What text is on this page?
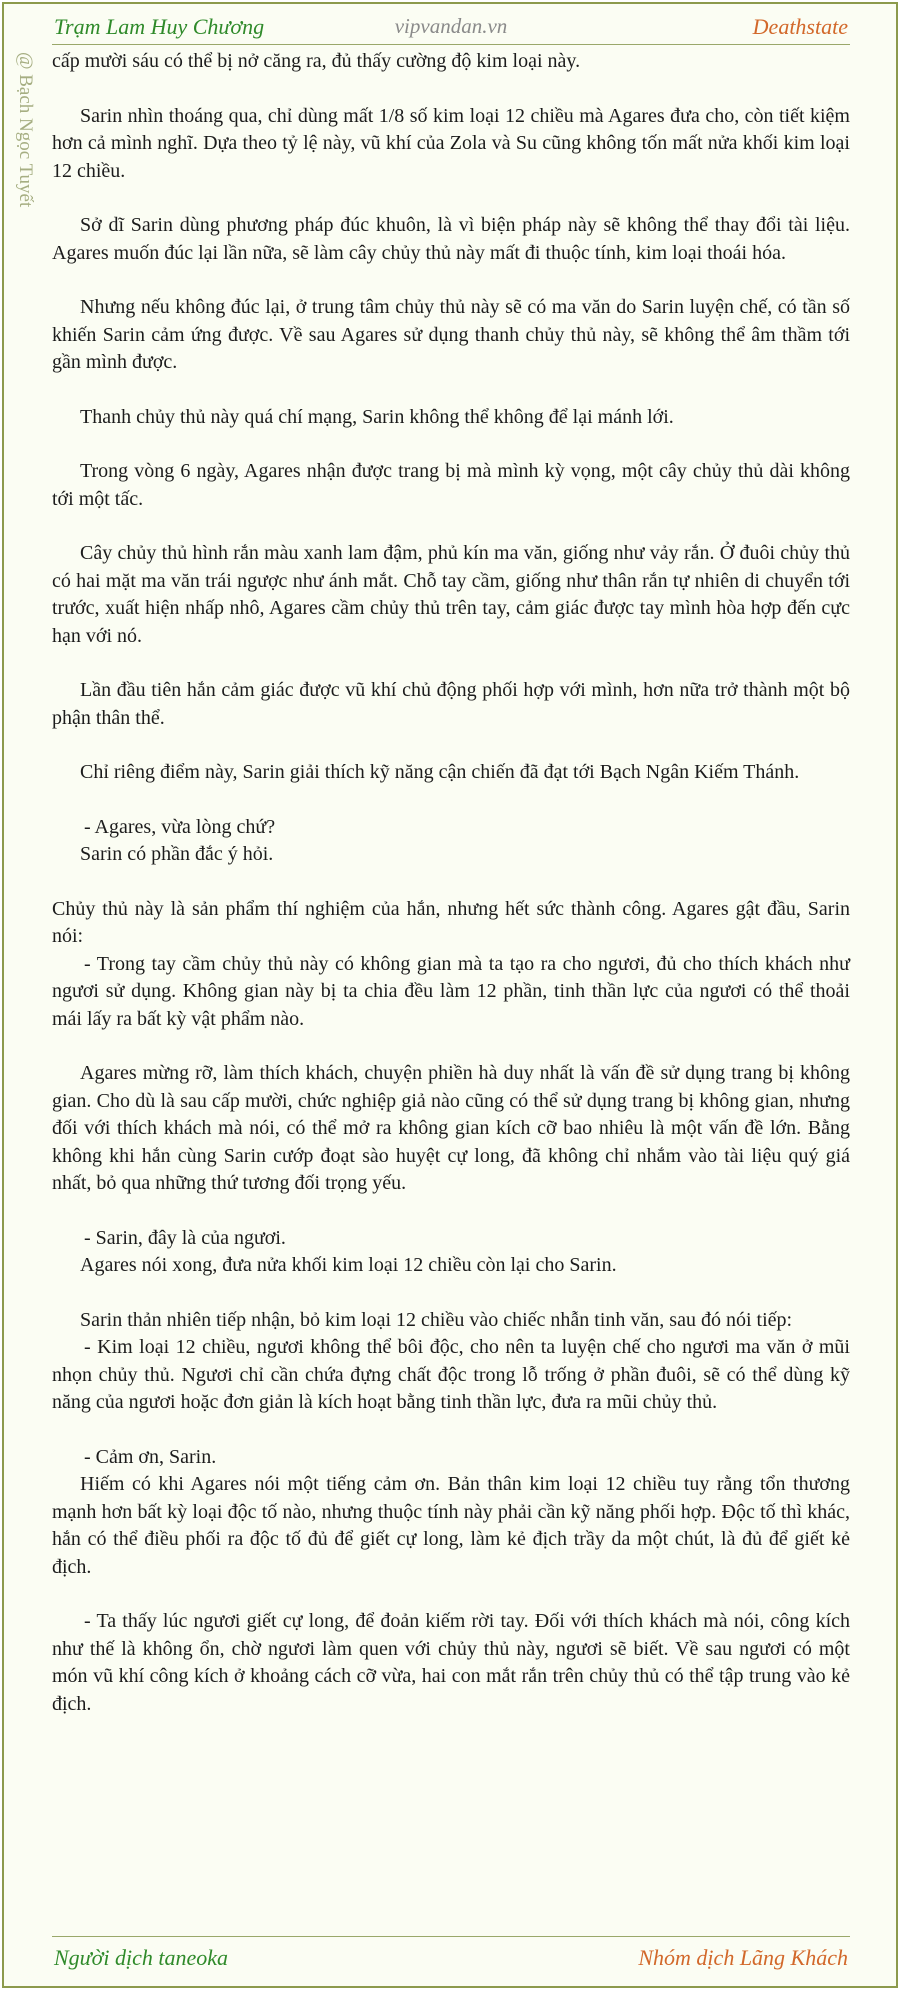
@ Bạch Ngọc Tuyết
Trạm Lam Huy Chương	vipvandan.vn	Deathstate

cấp mười sáu có thể bị nở căng ra, đủ thấy cường độ kim loại này.

Sarin nhìn thoáng qua, chỉ dùng mất 1/8 số kim loại 12 chiều mà Agares đưa cho, còn tiết kiệm hơn cả mình nghĩ. Dựa theo tỷ lệ này, vũ khí của Zola và Su cũng không tốn mất nửa khối kim loại 12 chiều.

Sở dĩ Sarin dùng phương pháp đúc khuôn, là vì biện pháp này sẽ không thể thay đổi tài liệu. Agares muốn đúc lại lần nữa, sẽ làm cây chủy thủ này mất đi thuộc tính, kim loại thoái hóa.

Nhưng nếu không đúc lại, ở trung tâm chủy thủ này sẽ có ma văn do Sarin luyện chế, có tần số khiến Sarin cảm ứng được. Về sau Agares sử dụng thanh chủy thủ này, sẽ không thể âm thầm tới gần mình được.

Thanh chủy thủ này quá chí mạng, Sarin không thể không để lại mánh lới.

Trong vòng 6 ngày, Agares nhận được trang bị mà mình kỳ vọng, một cây chủy thủ dài không tới một tấc.

Cây chủy thủ hình rắn màu xanh lam đậm, phủ kín ma văn, giống như vảy rắn. Ở đuôi chủy thủ có hai mặt ma văn trái ngược như ánh mắt. Chỗ tay cầm, giống như thân rắn tự nhiên di chuyển tới trước, xuất hiện nhấp nhô, Agares cầm chủy thủ trên tay, cảm giác được tay mình hòa hợp đến cực hạn với nó.

Lần đầu tiên hắn cảm giác được vũ khí chủ động phối hợp với mình, hơn nữa trở thành một bộ phận thân thể.

Chỉ riêng điểm này, Sarin giải thích kỹ năng cận chiến đã đạt tới Bạch Ngân Kiếm Thánh.

- Agares, vừa lòng chứ?
Sarin có phần đắc ý hỏi.
Chủy thủ này là sản phẩm thí nghiệm của hắn, nhưng hết sức thành công. Agares gật đầu, Sarin nói:
- Trong tay cầm chủy thủ này có không gian mà ta tạo ra cho ngươi, đủ cho thích khách như ngươi sử dụng. Không gian này bị ta chia đều làm 12 phần, tinh thần lực của ngươi có thể thoải mái lấy ra bất kỳ vật phẩm nào.

Agares mừng rỡ, làm thích khách, chuyện phiền hà duy nhất là vấn đề sử dụng trang bị không gian. Cho dù là sau cấp mười, chức nghiệp giả nào cũng có thể sử dụng trang bị không gian, nhưng đối với thích khách mà nói, có thể mở ra không gian kích cỡ bao nhiêu là một vấn đề lớn. Bằng không khi hắn cùng Sarin cướp đoạt sào huyệt cự long, đã không chỉ nhắm vào tài liệu quý giá nhất, bỏ qua những thứ tương đối trọng yếu.

- Sarin, đây là của ngươi.
Agares nói xong, đưa nửa khối kim loại 12 chiều còn lại cho Sarin.
Sarin thản nhiên tiếp nhận, bỏ kim loại 12 chiều vào chiếc nhẫn tinh văn, sau đó nói tiếp:
- Kim loại 12 chiều, ngươi không thể bôi độc, cho nên ta luyện chế cho ngươi ma văn ở mũi nhọn chủy thủ. Ngươi chỉ cần chứa đựng chất độc trong lỗ trống ở phần đuôi, sẽ có thể dùng kỹ năng của ngươi hoặc đơn giản là kích hoạt bằng tinh thần lực, đưa ra mũi chủy thủ.
- Cảm ơn, Sarin.
Hiếm có khi Agares nói một tiếng cảm ơn. Bản thân kim loại 12 chiều tuy rằng tổn thương mạnh hơn bất kỳ loại độc tố nào, nhưng thuộc tính này phải cần kỹ năng phối hợp. Độc tố thì khác, hắn có thể điều phối ra độc tố đủ để giết cự long, làm kẻ địch trầy da một chút, là đủ để giết kẻ địch.
- Ta thấy lúc ngươi giết cự long, để đoản kiếm rời tay. Đối với thích khách mà nói, công kích như thế là không ổn, chờ ngươi làm quen với chủy thủ này, ngươi sẽ biết. Về sau ngươi có một món vũ khí công kích ở khoảng cách cỡ vừa, hai con mắt rắn trên chủy thủ có thể tập trung vào kẻ địch.
Người dịch taneoka	Nhóm dịch Lãng Khách
